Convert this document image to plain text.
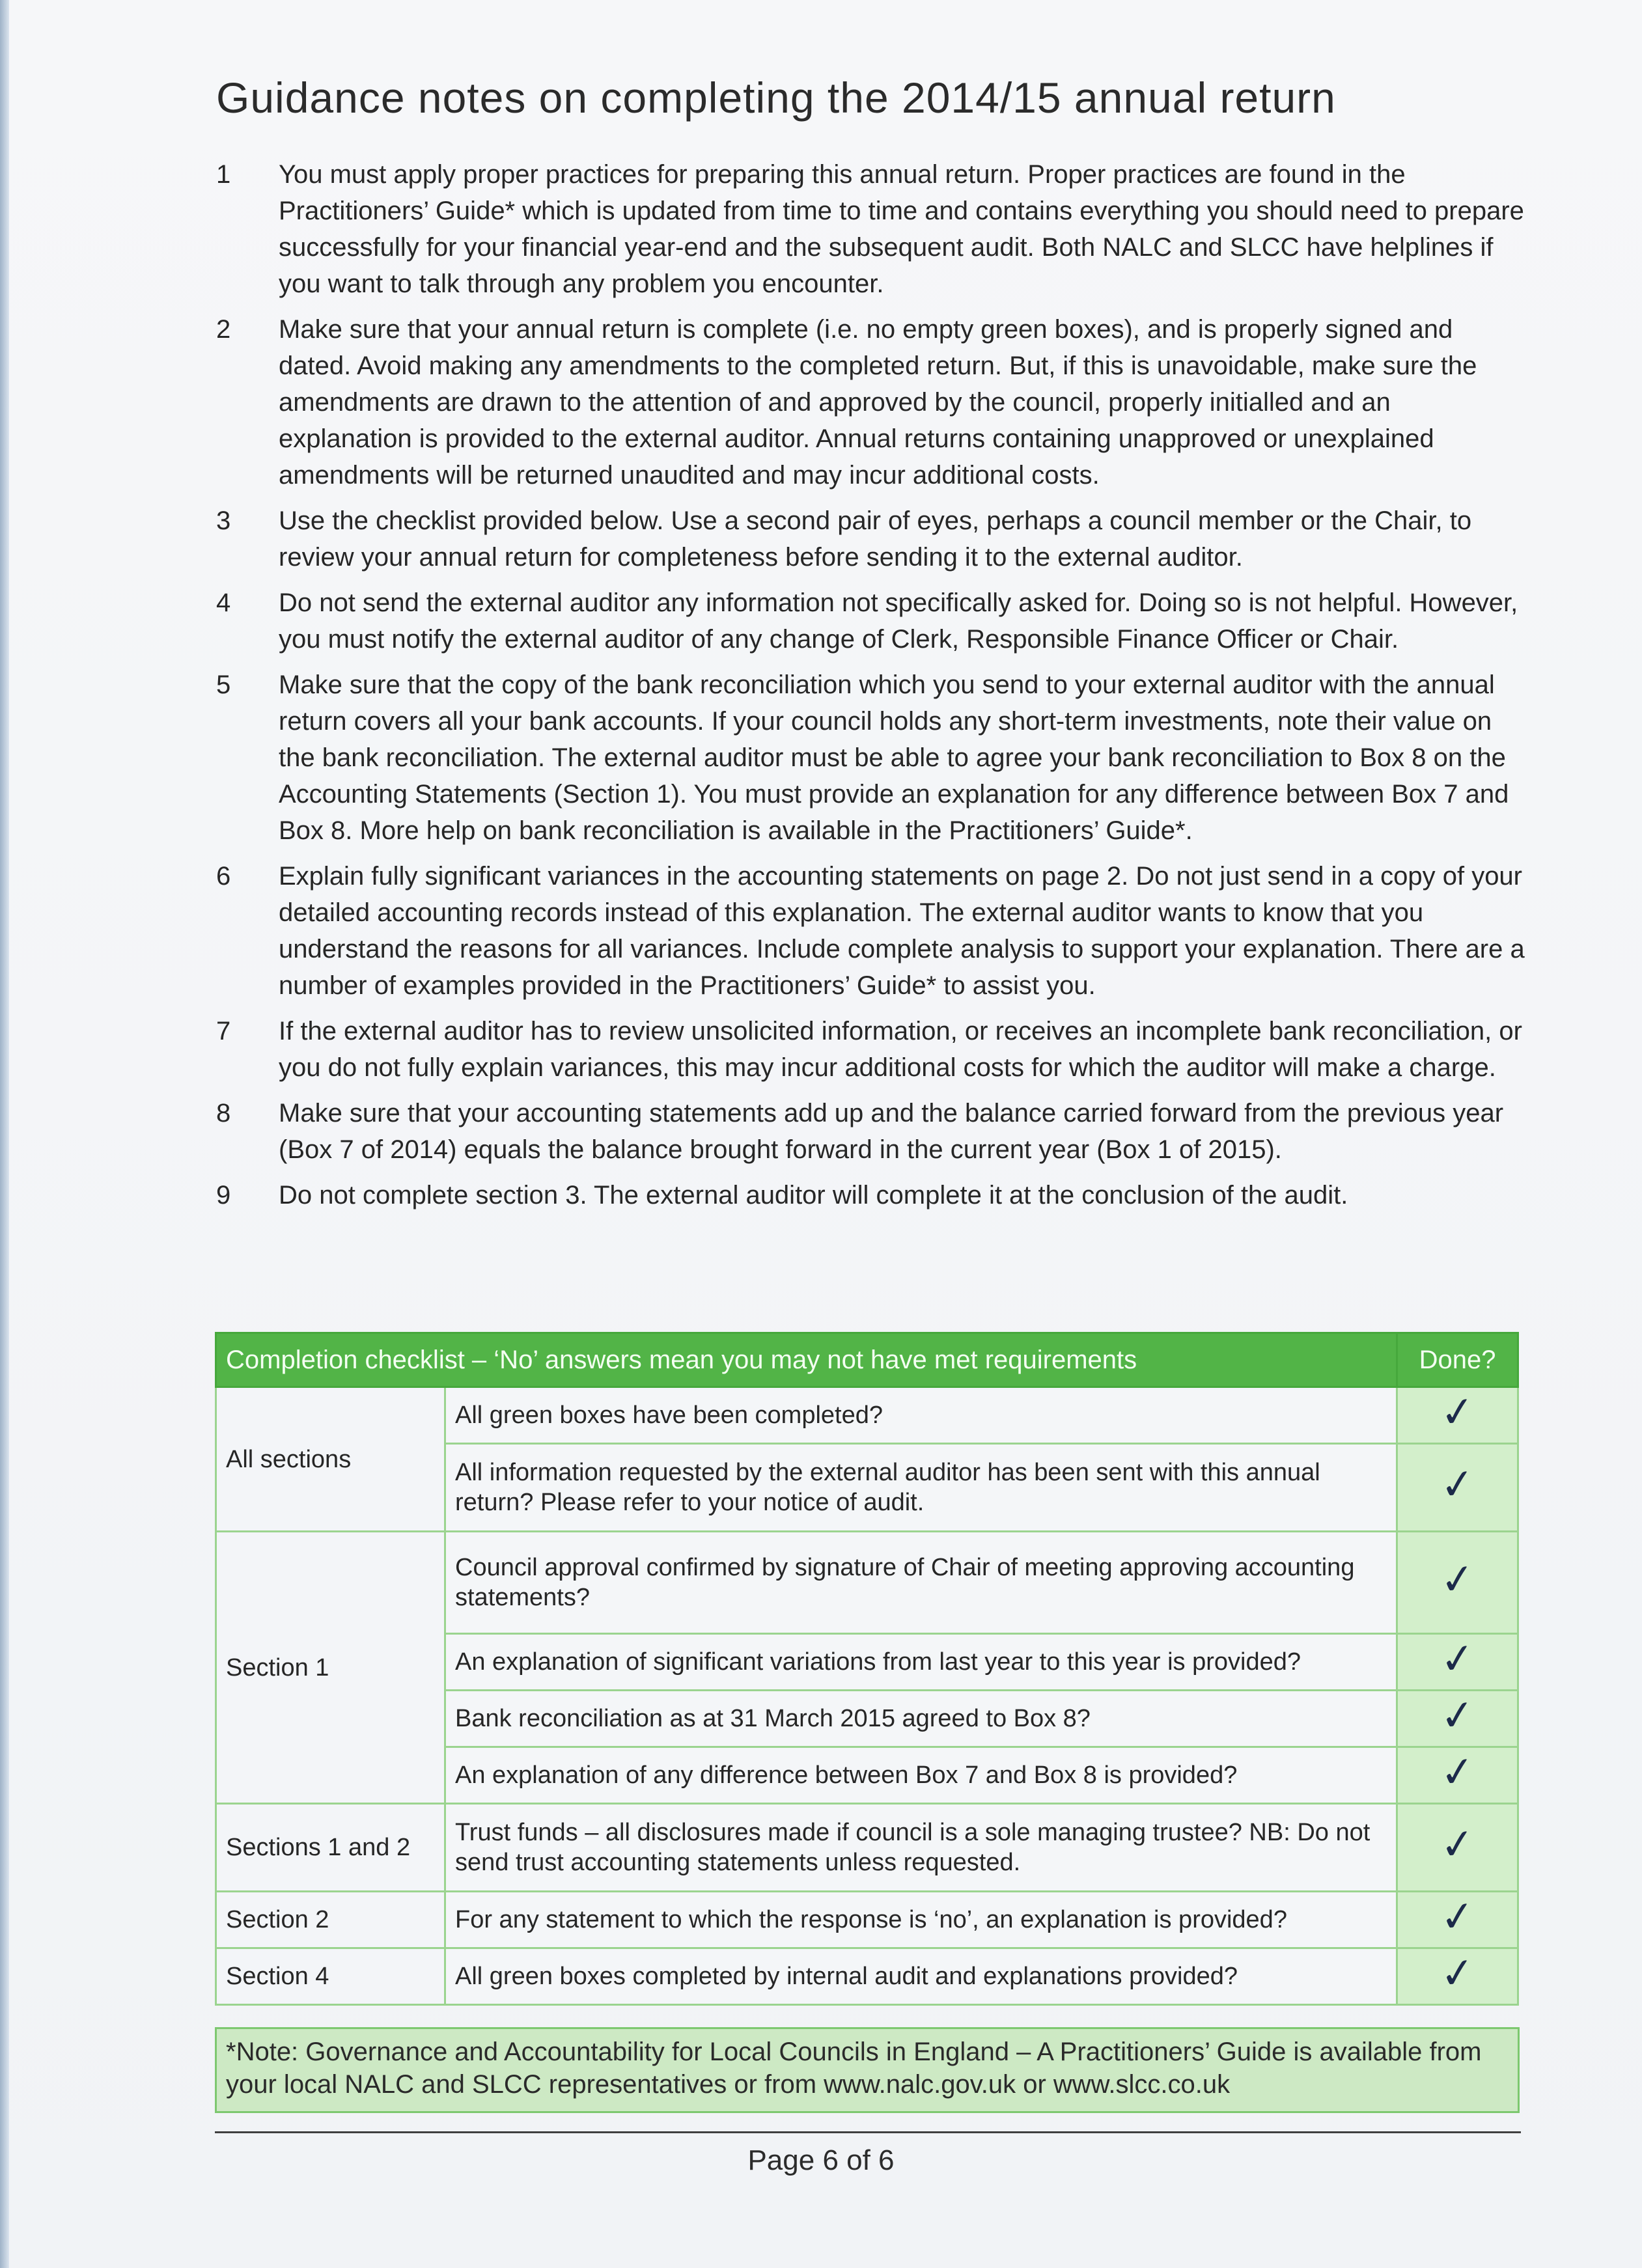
Guidance notes on completing the 2014/15 annual return
1	You must apply proper practices for preparing this annual return. Proper practices are found in the Practitioners’ Guide* which is updated from time to time and contains everything you should need to prepare successfully for your financial year-end and the subsequent audit. Both NALC and SLCC have helplines if you want to talk through any problem you encounter.
2	Make sure that your annual return is complete (i.e. no empty green boxes), and is properly signed and dated. Avoid making any amendments to the completed return. But, if this is unavoidable, make sure the amendments are drawn to the attention of and approved by the council, properly initialled and an explanation is provided to the external auditor. Annual returns containing unapproved or unexplained amendments will be returned unaudited and may incur additional costs.
3	Use the checklist provided below. Use a second pair of eyes, perhaps a council member or the Chair, to review your annual return for completeness before sending it to the external auditor.
4	Do not send the external auditor any information not specifically asked for. Doing so is not helpful. However, you must notify the external auditor of any change of Clerk, Responsible Finance Officer or Chair.
5	Make sure that the copy of the bank reconciliation which you send to your external auditor with the annual return covers all your bank accounts. If your council holds any short-term investments, note their value on the bank reconciliation. The external auditor must be able to agree your bank reconciliation to Box 8 on the Accounting Statements (Section 1). You must provide an explanation for any difference between Box 7 and Box 8. More help on bank reconciliation is available in the Practitioners’ Guide*.
6	Explain fully significant variances in the accounting statements on page 2. Do not just send in a copy of your detailed accounting records instead of this explanation. The external auditor wants to know that you understand the reasons for all variances. Include complete analysis to support your explanation. There are a number of examples provided in the Practitioners’ Guide* to assist you.
7	If the external auditor has to review unsolicited information, or receives an incomplete bank reconciliation, or you do not fully explain variances, this may incur additional costs for which the auditor will make a charge.
8	Make sure that your accounting statements add up and the balance carried forward from the previous year (Box 7 of 2014) equals the balance brought forward in the current year (Box 1 of 2015).
9	Do not complete section 3. The external auditor will complete it at the conclusion of the audit.
Completion checklist – ‘No’ answers mean you may not have met requirements		Done?
All sections	All green boxes have been completed?	✓
	All information requested by the external auditor has been sent with this annual return? Please refer to your notice of audit.	✓
Section 1	Council approval confirmed by signature of Chair of meeting approving accounting statements?	✓
	An explanation of significant variations from last year to this year is provided?	✓
	Bank reconciliation as at 31 March 2015 agreed to Box 8?	✓
	An explanation of any difference between Box 7 and Box 8 is provided?	✓
Sections 1 and 2	Trust funds – all disclosures made if council is a sole managing trustee? NB: Do not send trust accounting statements unless requested.	✓
Section 2	For any statement to which the response is ‘no’, an explanation is provided?	✓
Section 4	All green boxes completed by internal audit and explanations provided?	✓
*Note: Governance and Accountability for Local Councils in England – A Practitioners’ Guide is available from your local NALC and SLCC representatives or from www.nalc.gov.uk or www.slcc.co.uk
Page 6 of 6
